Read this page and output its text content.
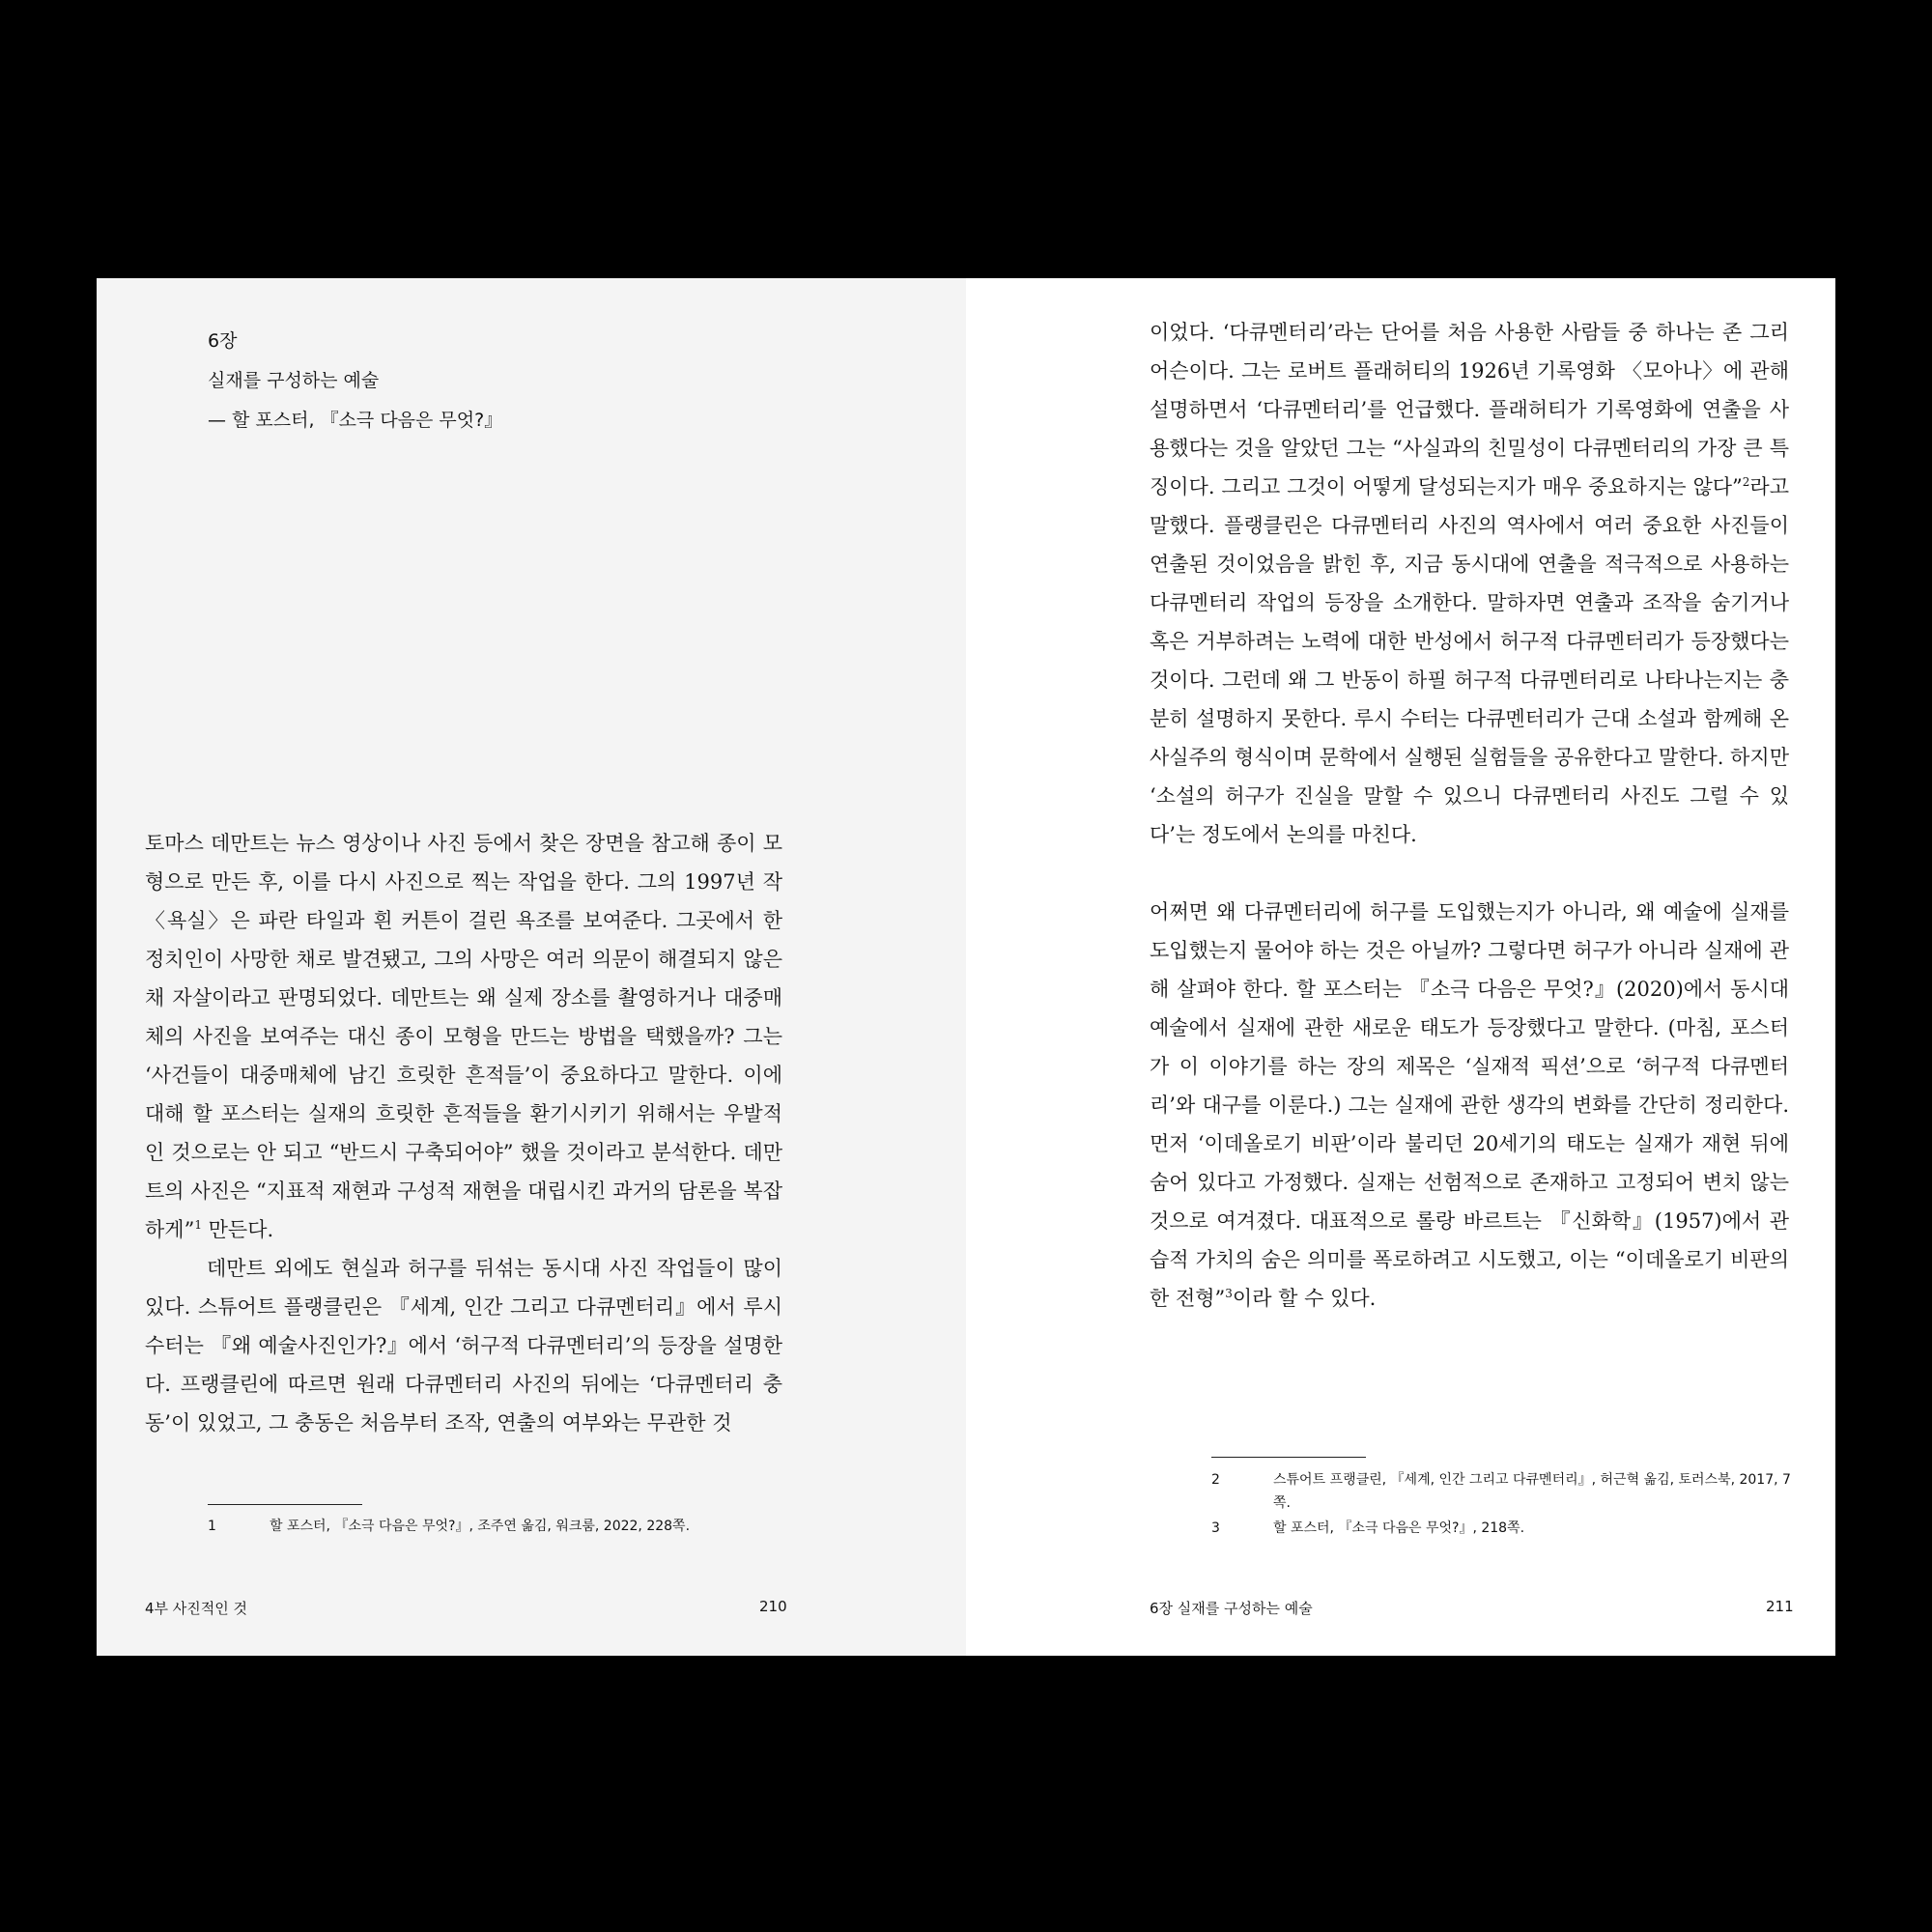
6장
실재를 구성하는 예술
— 할 포스터, 『소극 다음은 무엇?』

토마스 데만트는 뉴스 영상이나 사진 등에서 찾은 장면을 참고해 종이 모형으로 만든 후, 이를 다시 사진으로 찍는 작업을 한다. 그의 1997년 작 〈욕실〉은 파란 타일과 흰 커튼이 걸린 욕조를 보여준다. 그곳에서 한 정치인이 사망한 채로 발견됐고, 그의 사망은 여러 의문이 해결되지 않은 채 자살이라고 판명되었다. 데만트는 왜 실제 장소를 촬영하거나 대중매체의 사진을 보여주는 대신 종이 모형을 만드는 방법을 택했을까? 그는 ‘사건들이 대중매체에 남긴 흐릿한 흔적들’이 중요하다고 말한다. 이에 대해 할 포스터는 실재의 흐릿한 흔적들을 환기시키기 위해서는 우발적인 것으로는 안 되고 “반드시 구축되어야” 했을 것이라고 분석한다. 데만트의 사진은 “지표적 재현과 구성적 재현을 대립시킨 과거의 담론을 복잡하게”$^1$ 만든다.

데만트 외에도 현실과 허구를 뒤섞는 동시대 사진 작업들이 많이 있다. 스튜어트 플랭클린은 『세계, 인간 그리고 다큐멘터리』에서 루시 수터는 『왜 예술사진인가?』에서 ‘허구적 다큐멘터리’의 등장을 설명한다. 프랭클린에 따르면 원래 다큐멘터리 사진의 뒤에는 ‘다큐멘터리 충동’이 있었고, 그 충동은 처음부터 조작, 연출의 여부와는 무관한 것

1	할 포스터, 『소극 다음은 무엇?』, 조주연 옮김, 워크룸, 2022, 228쪽.
4부 사진적인 것	210

이었다. ‘다큐멘터리’라는 단어를 처음 사용한 사람들 중 하나는 존 그리어슨이다. 그는 로버트 플래허티의 1926년 기록영화 〈모아나〉에 관해 설명하면서 ‘다큐멘터리’를 언급했다. 플래허티가 기록영화에 연출을 사용했다는 것을 알았던 그는 “사실과의 친밀성이 다큐멘터리의 가장 큰 특징이다. 그리고 그것이 어떻게 달성되는지가 매우 중요하지는 않다”$^2$라고 말했다. 플랭클린은 다큐멘터리 사진의 역사에서 여러 중요한 사진들이 연출된 것이었음을 밝힌 후, 지금 동시대에 연출을 적극적으로 사용하는 다큐멘터리 작업의 등장을 소개한다. 말하자면 연출과 조작을 숨기거나 혹은 거부하려는 노력에 대한 반성에서 허구적 다큐멘터리가 등장했다는 것이다. 그런데 왜 그 반동이 하필 허구적 다큐멘터리로 나타나는지는 충분히 설명하지 못한다. 루시 수터는 다큐멘터리가 근대 소설과 함께해 온 사실주의 형식이며 문학에서 실행된 실험들을 공유한다고 말한다. 하지만 ‘소설의 허구가 진실을 말할 수 있으니 다큐멘터리 사진도 그럴 수 있다’는 정도에서 논의를 마친다.

어쩌면 왜 다큐멘터리에 허구를 도입했는지가 아니라, 왜 예술에 실재를 도입했는지 물어야 하는 것은 아닐까? 그렇다면 허구가 아니라 실재에 관해 살펴야 한다. 할 포스터는 『소극 다음은 무엇?』(2020)에서 동시대 예술에서 실재에 관한 새로운 태도가 등장했다고 말한다. (마침, 포스터가 이 이야기를 하는 장의 제목은 ‘실재적 픽션’으로 ‘허구적 다큐멘터리’와 대구를 이룬다.) 그는 실재에 관한 생각의 변화를 간단히 정리한다. 먼저 ‘이데올로기 비판’이라 불리던 20세기의 태도는 실재가 재현 뒤에 숨어 있다고 가정했다. 실재는 선험적으로 존재하고 고정되어 변치 않는 것으로 여겨졌다. 대표적으로 롤랑 바르트는 『신화학』(1957)에서 관습적 가치의 숨은 의미를 폭로하려고 시도했고, 이는 “이데올로기 비판의 한 전형”$^3$이라 할 수 있다.

2	스튜어트 프랭클린, 『세계, 인간 그리고 다큐멘터리』, 허근혁 옮김, 토러스북, 2017, 7쪽.
3	할 포스터, 『소극 다음은 무엇?』, 218쪽.
6장 실재를 구성하는 예술	211
